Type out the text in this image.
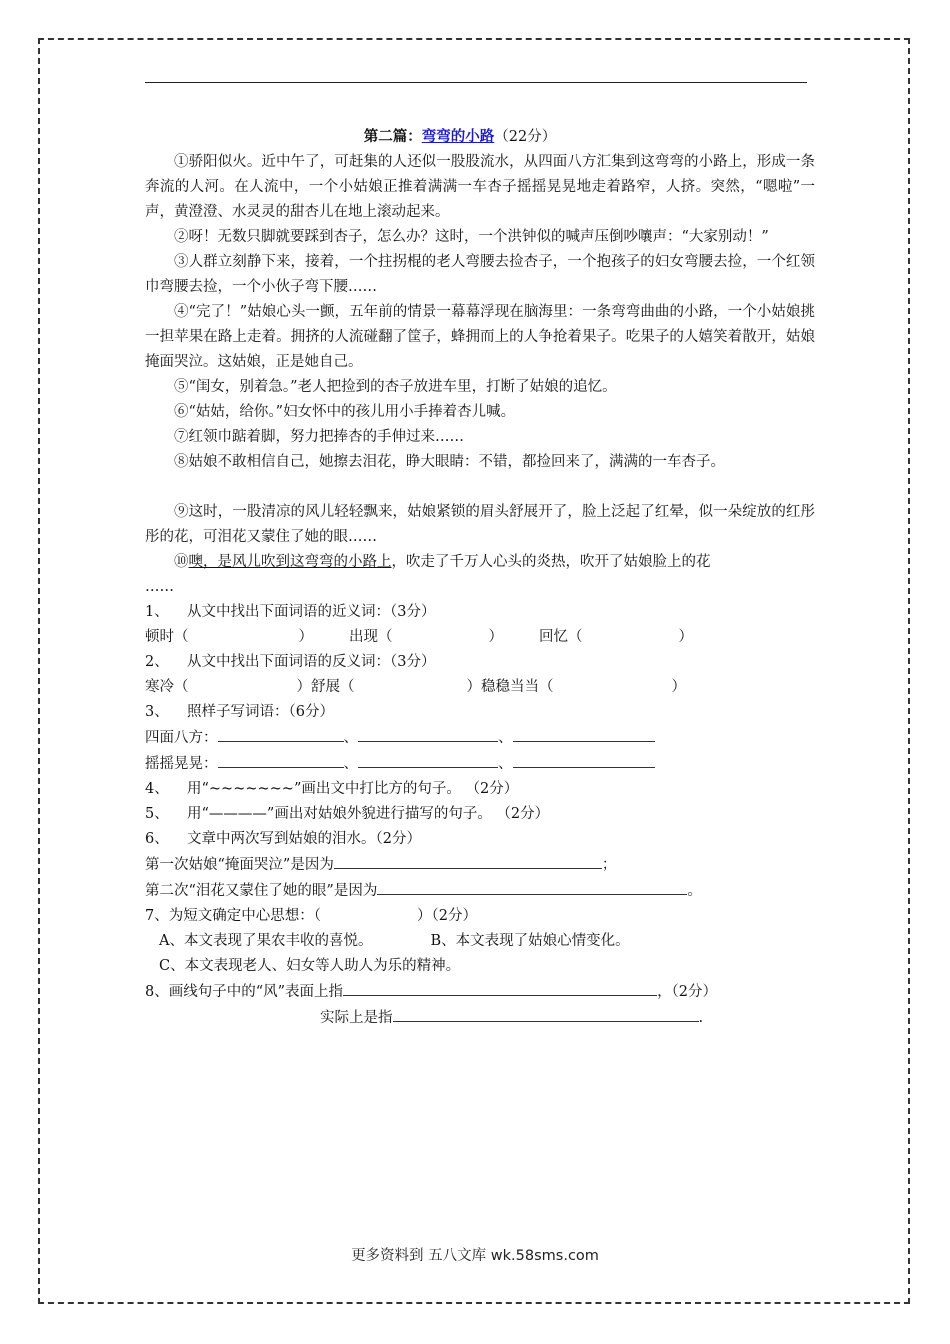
第二篇：弯弯的小路（22分）

①骄阳似火。近中午了，可赶集的人还似一股股流水，从四面八方汇集到这弯弯的小路上，形成一条奔流的人河。在人流中，一个小姑娘正推着满满一车杏子摇摇晃晃地走着路窄，人挤。突然，“嗯啦”一声，黄澄澄、水灵灵的甜杏儿在地上滚动起来。

②呀！无数只脚就要踩到杏子，怎么办？这时，一个洪钟似的喊声压倒吵嚷声：“大家别动！”

③人群立刻静下来，接着，一个拄拐棍的老人弯腰去捡杏子，一个抱孩子的妇女弯腰去捡，一个红领巾弯腰去捡，一个小伙子弯下腰……

④“完了！”姑娘心头一颤，五年前的情景一幕幕浮现在脑海里：一条弯弯曲曲的小路，一个小姑娘挑一担苹果在路上走着。拥挤的人流碰翻了筐子，蜂拥而上的人争抢着果子。吃果子的人嬉笑着散开，姑娘掩面哭泣。这姑娘，正是她自己。

⑤“闺女，别着急。”老人把捡到的杏子放进车里，打断了姑娘的追忆。

⑥“姑姑，给你。”妇女怀中的孩儿用小手捧着杏儿喊。

⑦红领巾踮着脚，努力把捧杏的手伸过来……

⑧姑娘不敢相信自己，她擦去泪花，睁大眼睛：不错，都捡回来了，满满的一车杏子。

⑨这时，一股清凉的风儿轻轻飘来，姑娘紧锁的眉头舒展开了，脸上泛起了红晕，似一朵绽放的红彤彤的花，可泪花又蒙住了她的眼……

⑩噢，是风儿吹到这弯弯的小路上，吹走了千万人心头的炎热，吹开了姑娘脸上的花

……

1、 从文中找出下面词语的近义词：（3分）

顿时（	） 出现（	） 回忆（	）

2、 从文中找出下面词语的反义词：（3分）

寒冷（	）舒展（	）稳稳当当（	）

3、 照样子写词语：（6分）

四面八方：	、	、

摇摇晃晃：	、	、

4、 用“~~~~~~~”画出文中打比方的句子。 （2分）

5、 用“————”画出对姑娘外貌进行描写的句子。 （2分）

6、 文章中两次写到姑娘的泪水。（2分）

第一次姑娘“掩面哭泣”是因为	；

第二次“泪花又蒙住了她的眼”是因为	。

7、为短文确定中心思想：（	）（2分）

A、本文表现了果农丰收的喜悦。	B、本文表现了姑娘心情变化。

C、本文表现老人、妇女等人助人为乐的精神。

8、画线句子中的“风”表面上指	，（2分）

实际上是指	.

更多资料到 五八文库 wk.58sms.com
